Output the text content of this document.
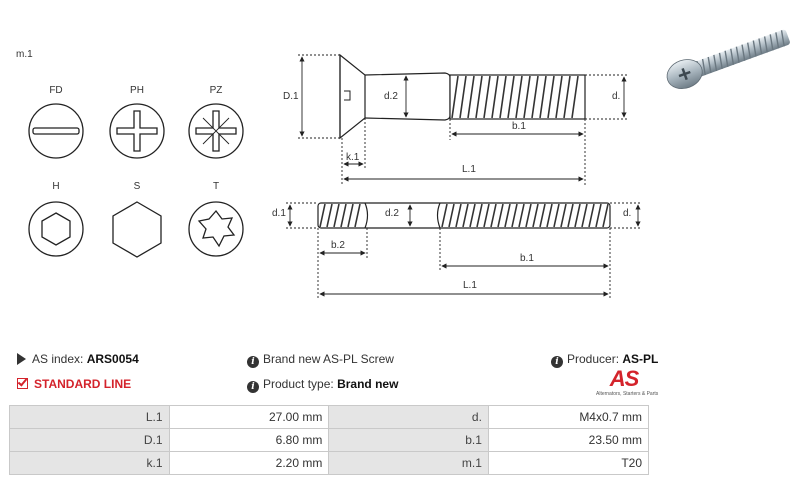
m.1
FD	PH	PZ
H	S	T
D.1	d.2	d.
b.1
k.1
L.1
d.1	d.2	d.
b.2
b.1
L.1
AS index: ARS0054
STANDARD LINE
i Brand new AS-PL Screw
i Product type: Brand new
i Producer: AS-PL
AS
Alternators, Starters & Parts
L.1	27.00 mm	d.	M4x0.7 mm
D.1	6.80 mm	b.1	23.50 mm
k.1	2.20 mm	m.1	T20
